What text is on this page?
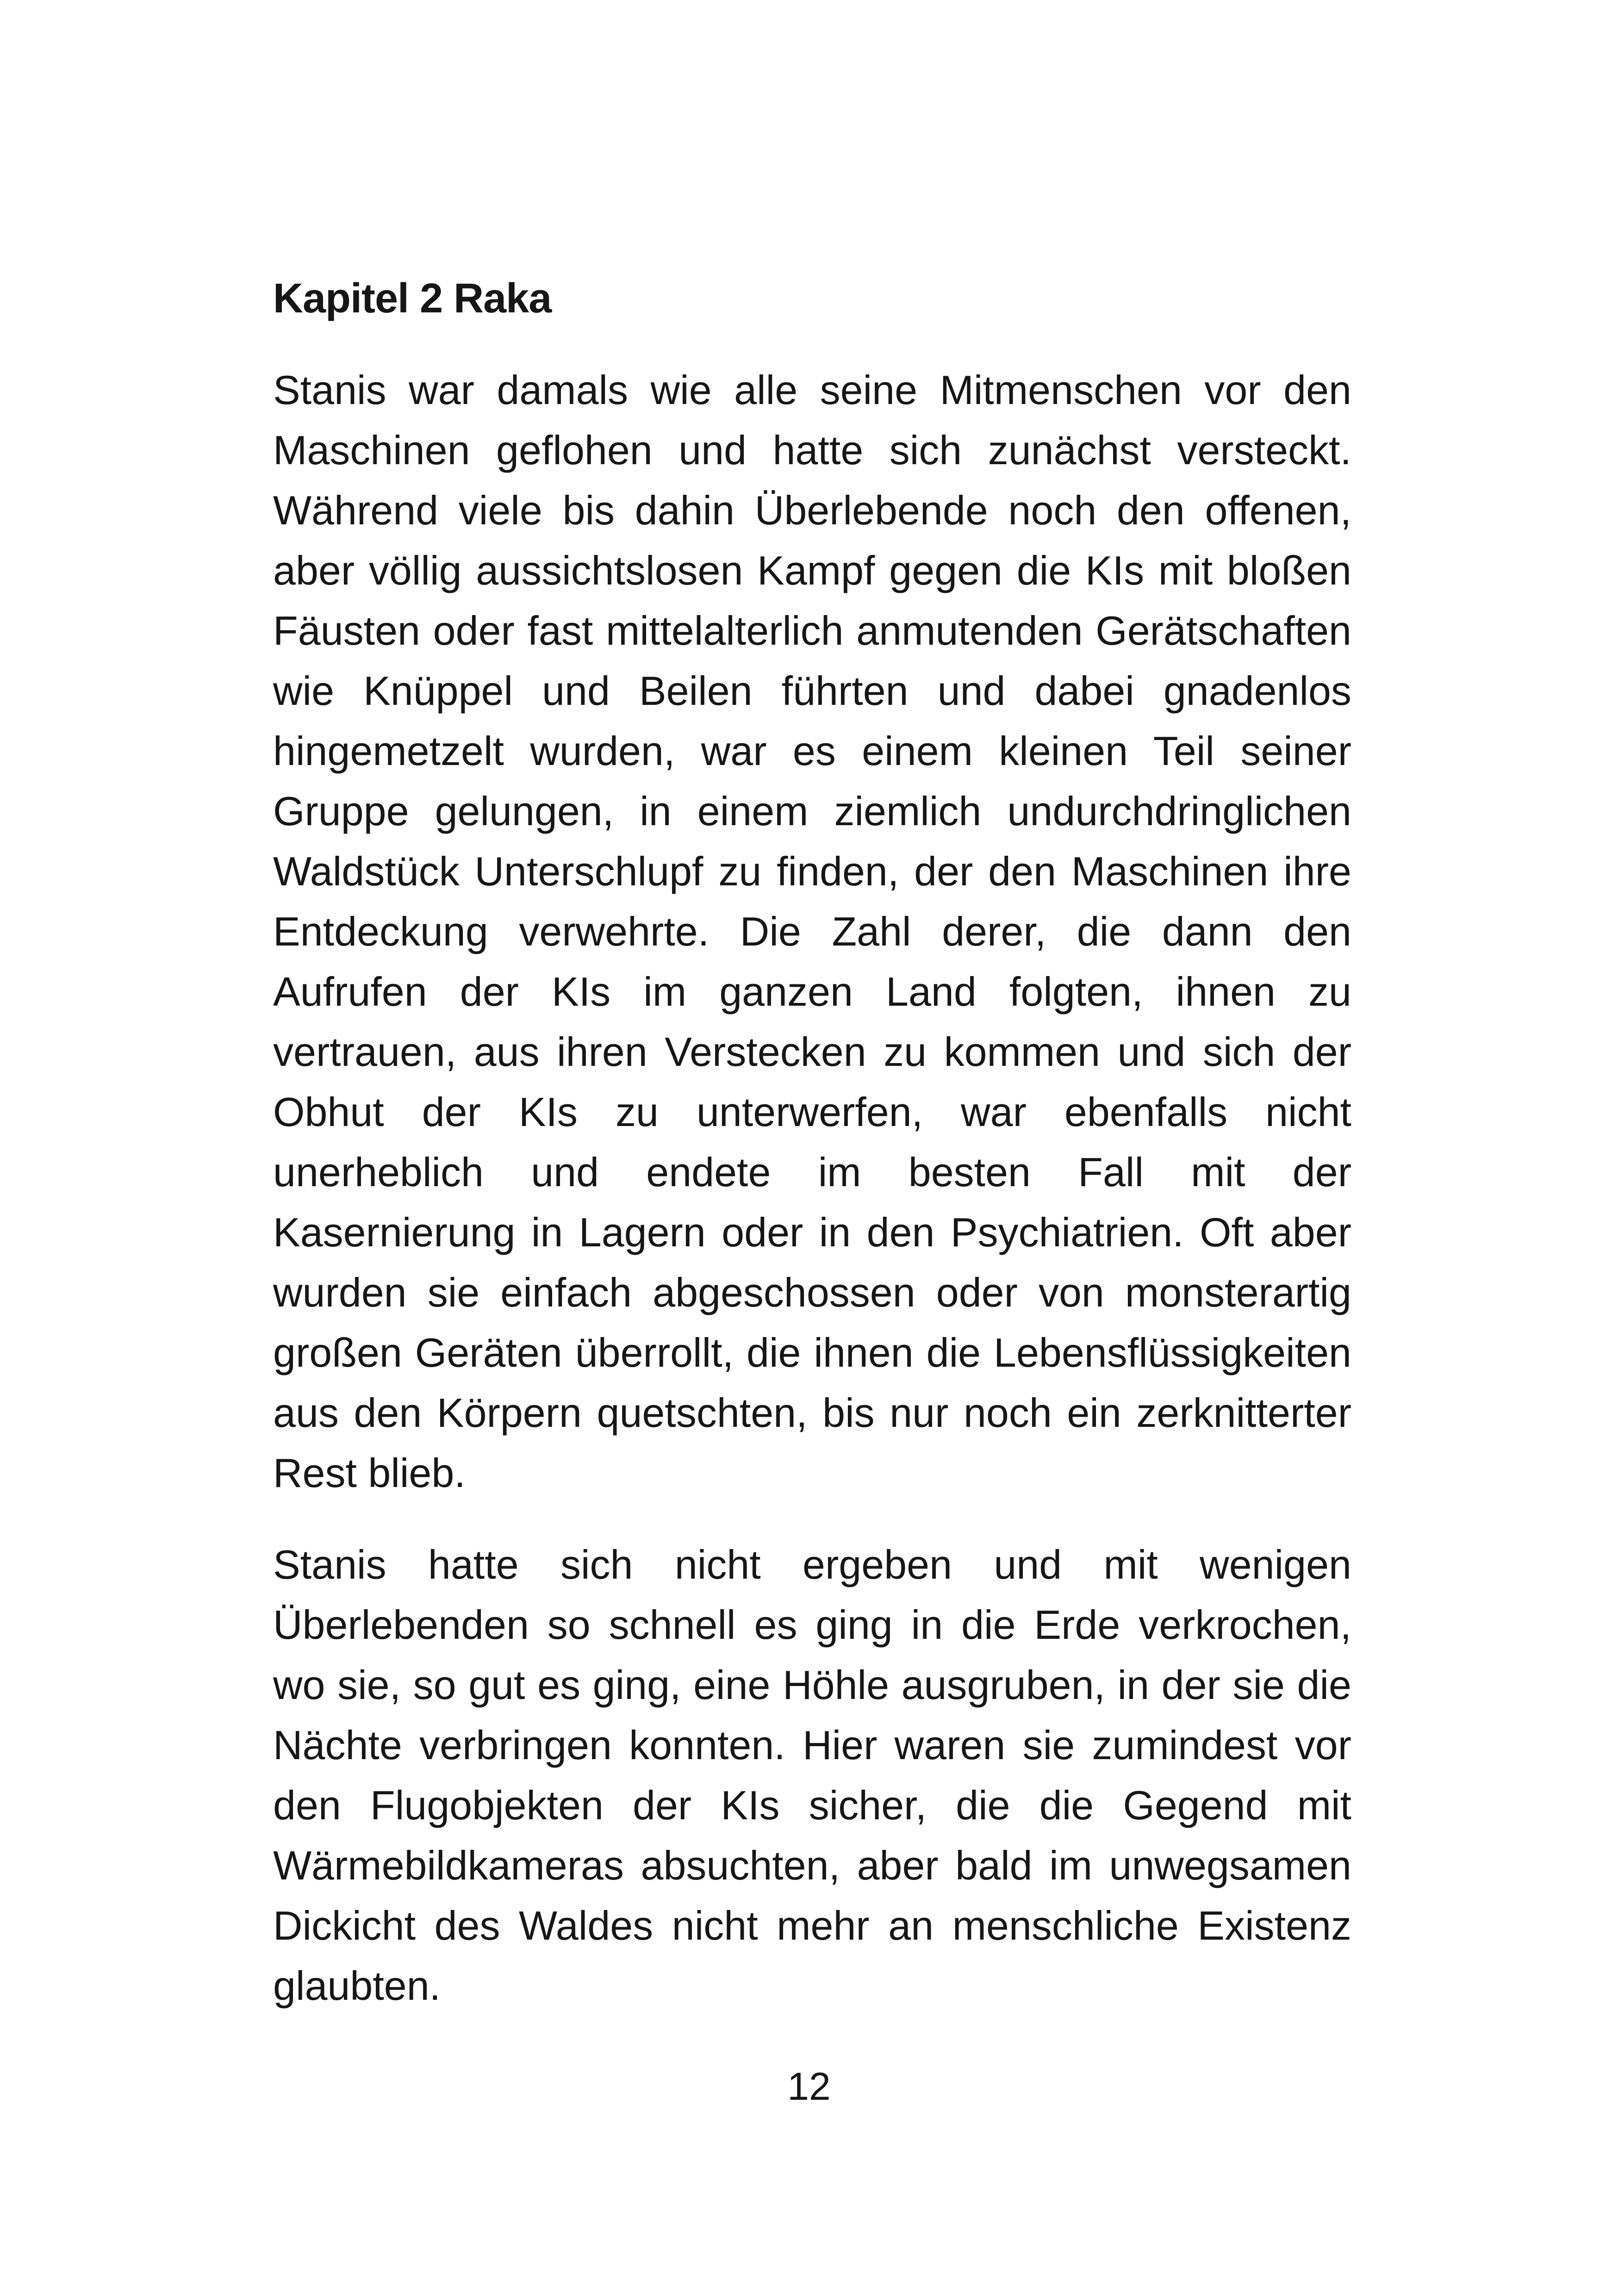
Kapitel 2 Raka

Stanis war damals wie alle seine Mitmenschen vor den Maschinen geflohen und hatte sich zunächst versteckt. Während viele bis dahin Überlebende noch den offenen, aber völlig aussichtslosen Kampf gegen die KIs mit bloßen Fäusten oder fast mittelalterlich anmutenden Gerätschaften wie Knüppel und Beilen führten und dabei gnadenlos hingemetzelt wurden, war es einem kleinen Teil seiner Gruppe gelungen, in einem ziemlich undurchdringlichen Waldstück Unterschlupf zu finden, der den Maschinen ihre Entdeckung verwehrte. Die Zahl derer, die dann den Aufrufen der KIs im ganzen Land folgten, ihnen zu vertrauen, aus ihren Verstecken zu kommen und sich der Obhut der KIs zu unterwerfen, war ebenfalls nicht unerheblich und endete im besten Fall mit der Kasernierung in Lagern oder in den Psychiatrien. Oft aber wurden sie einfach abgeschossen oder von monsterartig großen Geräten überrollt, die ihnen die Lebensflüssigkeiten aus den Körpern quetschten, bis nur noch ein zerknitterter Rest blieb.

Stanis hatte sich nicht ergeben und mit wenigen Überlebenden so schnell es ging in die Erde verkrochen, wo sie, so gut es ging, eine Höhle ausgruben, in der sie die Nächte verbringen konnten. Hier waren sie zumindest vor den Flugobjekten der KIs sicher, die die Gegend mit Wärmebildkameras absuchten, aber bald im unwegsamen Dickicht des Waldes nicht mehr an menschliche Existenz glaubten.

12
